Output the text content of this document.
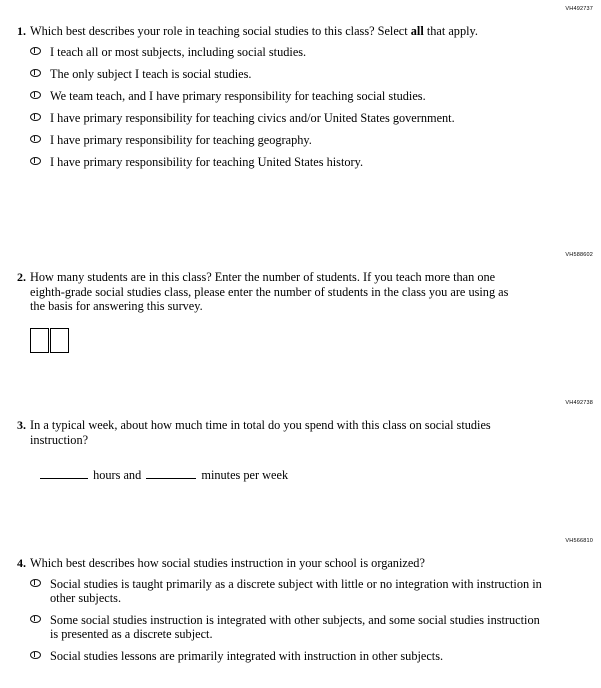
VH492737
1. Which best describes your role in teaching social studies to this class? Select all that apply.
I teach all or most subjects, including social studies.
The only subject I teach is social studies.
We team teach, and I have primary responsibility for teaching social studies.
I have primary responsibility for teaching civics and/or United States government.
I have primary responsibility for teaching geography.
I have primary responsibility for teaching United States history.
VH588602
2. How many students are in this class? Enter the number of students. If you teach more than one eighth-grade social studies class, please enter the number of students in the class you are using as the basis for answering this survey.
VH492738
3. In a typical week, about how much time in total do you spend with this class on social studies instruction?
hours and	minutes per week
VH566810
4. Which best describes how social studies instruction in your school is organized?
Social studies is taught primarily as a discrete subject with little or no integration with instruction in other subjects.
Some social studies instruction is integrated with other subjects, and some social studies instruction is presented as a discrete subject.
Social studies lessons are primarily integrated with instruction in other subjects.
